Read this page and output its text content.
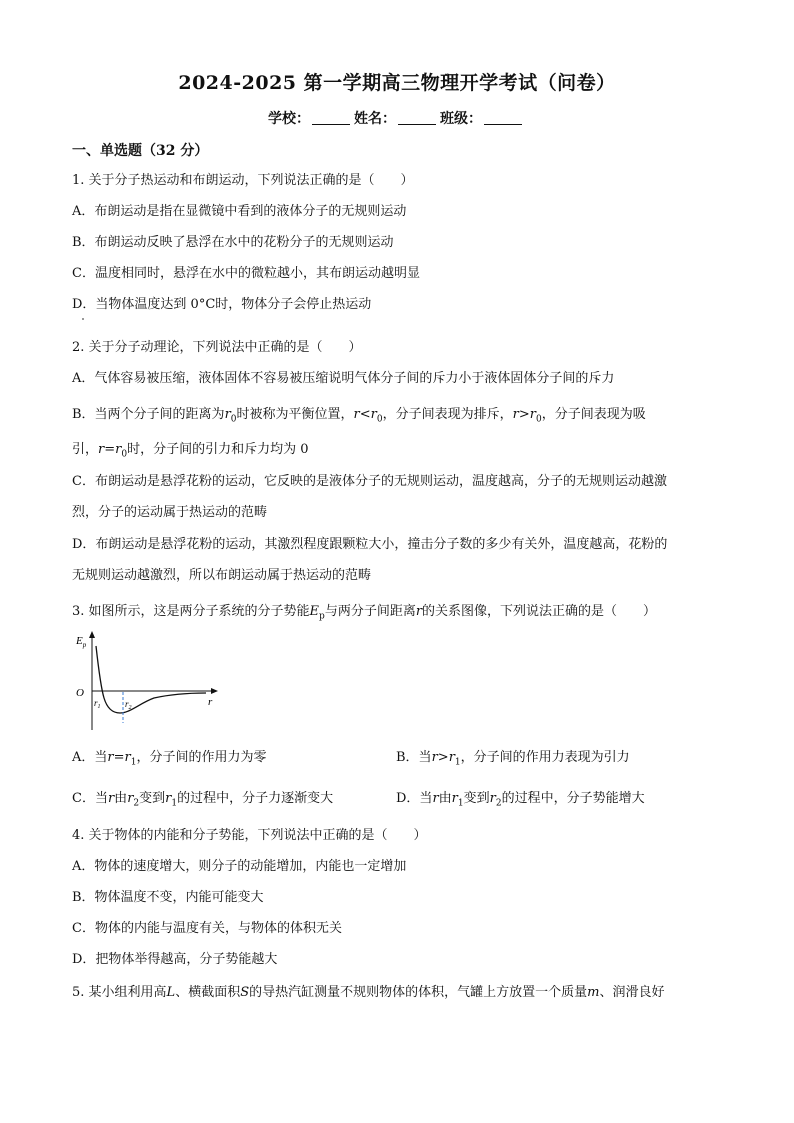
2024-2025 第一学期高三物理开学考试（问卷）
学校：	姓名：	班级：
一、单选题（32 分）
1. 关于分子热运动和布朗运动，下列说法正确的是（　　）
A．布朗运动是指在显微镜中看到的液体分子的无规则运动
B．布朗运动反映了悬浮在水中的花粉分子的无规则运动
C．温度相同时，悬浮在水中的微粒越小，其布朗运动越明显
D．当物体温度达到 0°C时，物体分子会停止热运动
2. 关于分子动理论，下列说法中正确的是（　　）
A．气体容易被压缩，液体固体不容易被压缩说明气体分子间的斥力小于液体固体分子间的斥力
B．当两个分子间的距离为$r_0$时被称为平衡位置，$r<r_0$，分子间表现为排斥，$r>r_0$，分子间表现为吸
引，$r=r_0$时，分子间的引力和斥力均为 0
C．布朗运动是悬浮花粉的运动，它反映的是液体分子的无规则运动，温度越高，分子的无规则运动越激
烈，分子的运动属于热运动的范畴
D．布朗运动是悬浮花粉的运动，其激烈程度跟颗粒大小，撞击分子数的多少有关外，温度越高，花粉的
无规则运动越激烈，所以布朗运动属于热运动的范畴
3. 如图所示，这是两分子系统的分子势能$E_p$与两分子间距离r的关系图像，下列说法正确的是（　　）
$E_p$
O
r
$r_1$	$r_2$
A．当$r=r_1$，分子间的作用力为零	B．当$r>r_1$，分子间的作用力表现为引力
C．当r由$r_2$变到$r_1$的过程中，分子力逐渐变大	D．当r由$r_1$变到$r_2$的过程中，分子势能增大
4. 关于物体的内能和分子势能，下列说法中正确的是（　　）
A．物体的速度增大，则分子的动能增加，内能也一定增加
B．物体温度不变，内能可能变大
C．物体的内能与温度有关，与物体的体积无关
D．把物体举得越高，分子势能越大
5. 某小组利用高L、横截面积S的导热汽缸测量不规则物体的体积，气罐上方放置一个质量m、润滑良好
